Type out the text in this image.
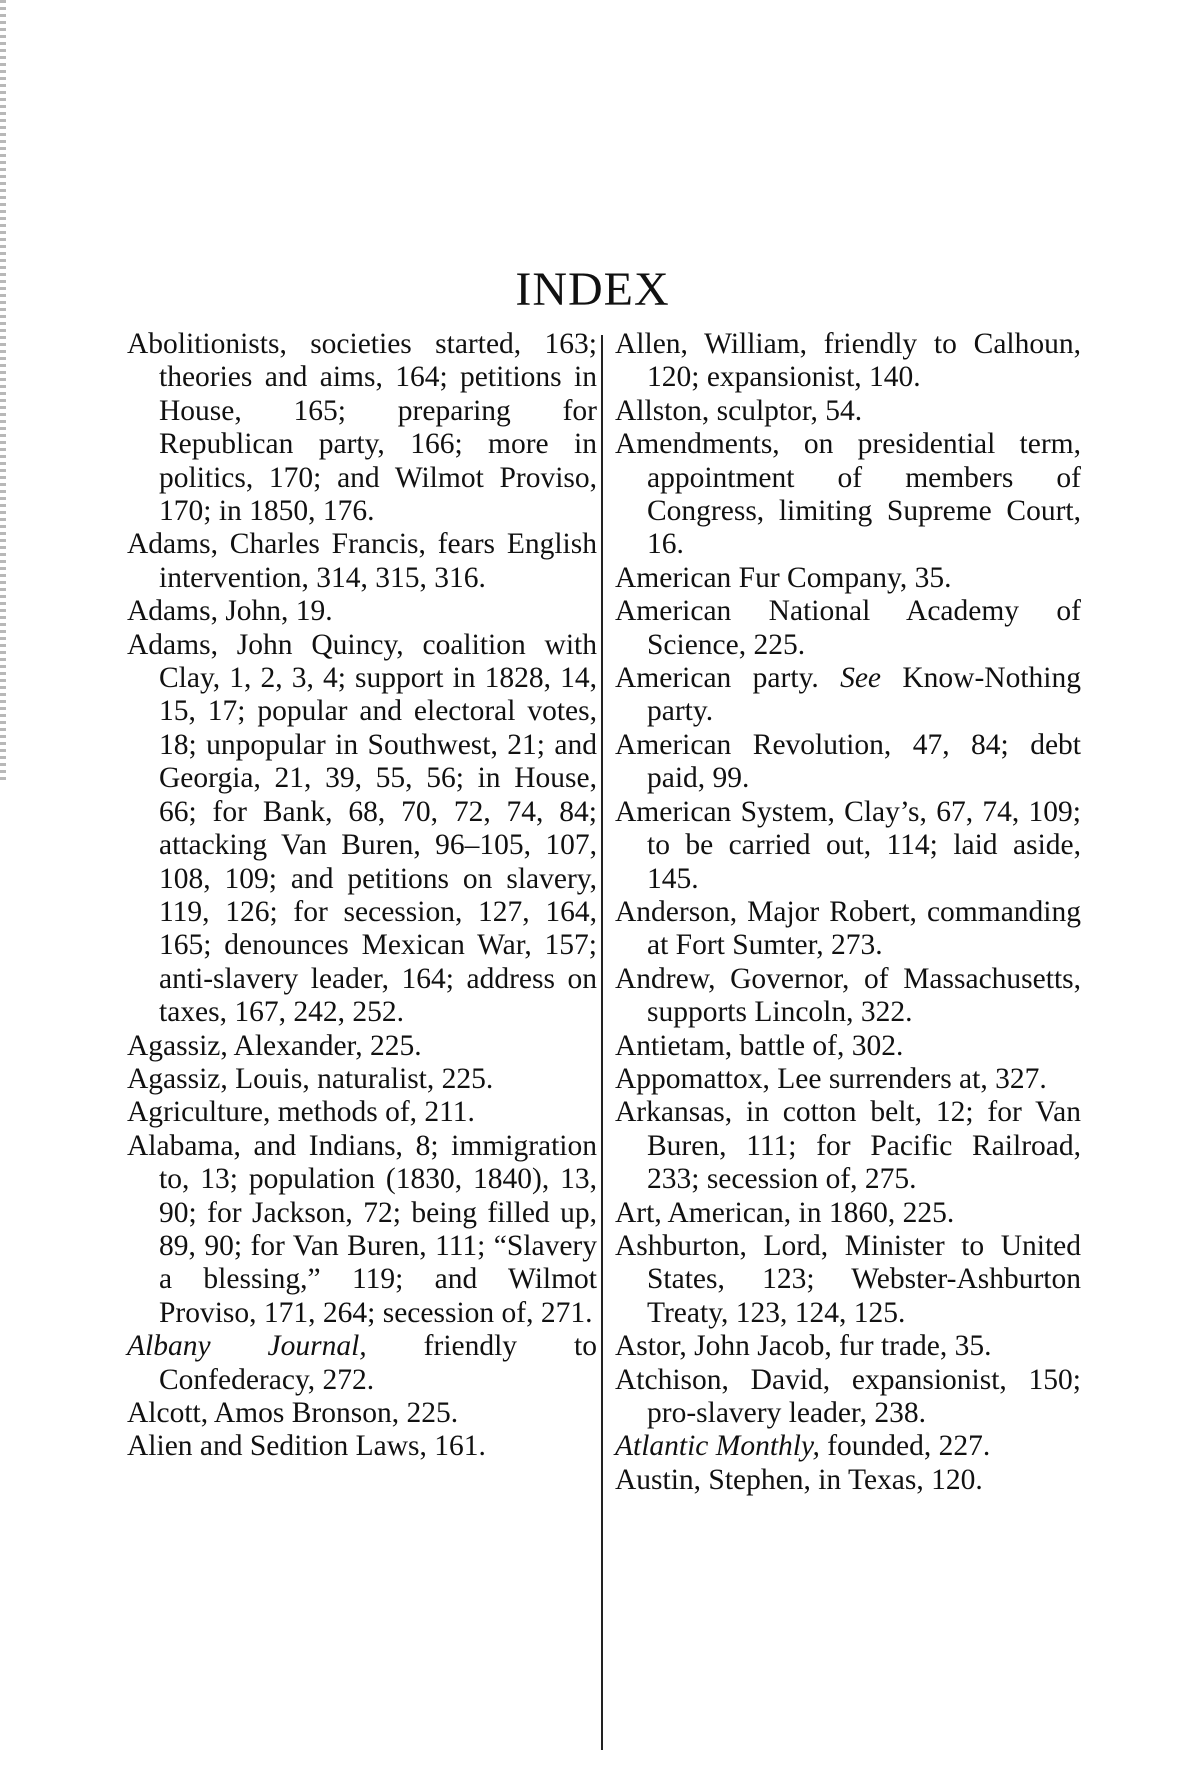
INDEX

Abolitionists, societies started, 163; theories and aims, 164; petitions in House, 165; preparing for Republican party, 166; more in politics, 170; and Wilmot Proviso, 170; in 1850, 176.

Adams, Charles Francis, fears English intervention, 314, 315, 316.

Adams, John, 19.

Adams, John Quincy, coalition with Clay, 1, 2, 3, 4; support in 1828, 14, 15, 17; popular and electoral votes, 18; unpopular in Southwest, 21; and Georgia, 21, 39, 55, 56; in House, 66; for Bank, 68, 70, 72, 74, 84; attacking Van Buren, 96–105, 107, 108, 109; and petitions on slavery, 119, 126; for secession, 127, 164, 165; denounces Mexican War, 157; anti-slavery leader, 164; address on taxes, 167, 242, 252.

Agassiz, Alexander, 225.

Agassiz, Louis, naturalist, 225.

Agriculture, methods of, 211.

Alabama, and Indians, 8; immigration to, 13; population (1830, 1840), 13, 90; for Jackson, 72; being filled up, 89, 90; for Van Buren, 111; “Slavery a blessing,” 119; and Wilmot Proviso, 171, 264; secession of, 271.

Albany Journal, friendly to Confederacy, 272.

Alcott, Amos Bronson, 225.

Alien and Sedition Laws, 161.

Allen, William, friendly to Calhoun, 120; expansionist, 140.

Allston, sculptor, 54.

Amendments, on presidential term, appointment of members of Congress, limiting Supreme Court, 16.

American Fur Company, 35.

American National Academy of Science, 225.

American party. See Know-Nothing party.

American Revolution, 47, 84; debt paid, 99.

American System, Clay’s, 67, 74, 109; to be carried out, 114; laid aside, 145.

Anderson, Major Robert, commanding at Fort Sumter, 273.

Andrew, Governor, of Massachusetts, supports Lincoln, 322.

Antietam, battle of, 302.

Appomattox, Lee surrenders at, 327.

Arkansas, in cotton belt, 12; for Van Buren, 111; for Pacific Railroad, 233; secession of, 275.

Art, American, in 1860, 225.

Ashburton, Lord, Minister to United States, 123; Webster-Ashburton Treaty, 123, 124, 125.

Astor, John Jacob, fur trade, 35.

Atchison, David, expansionist, 150; pro-slavery leader, 238.

Atlantic Monthly, founded, 227.

Austin, Stephen, in Texas, 120.
